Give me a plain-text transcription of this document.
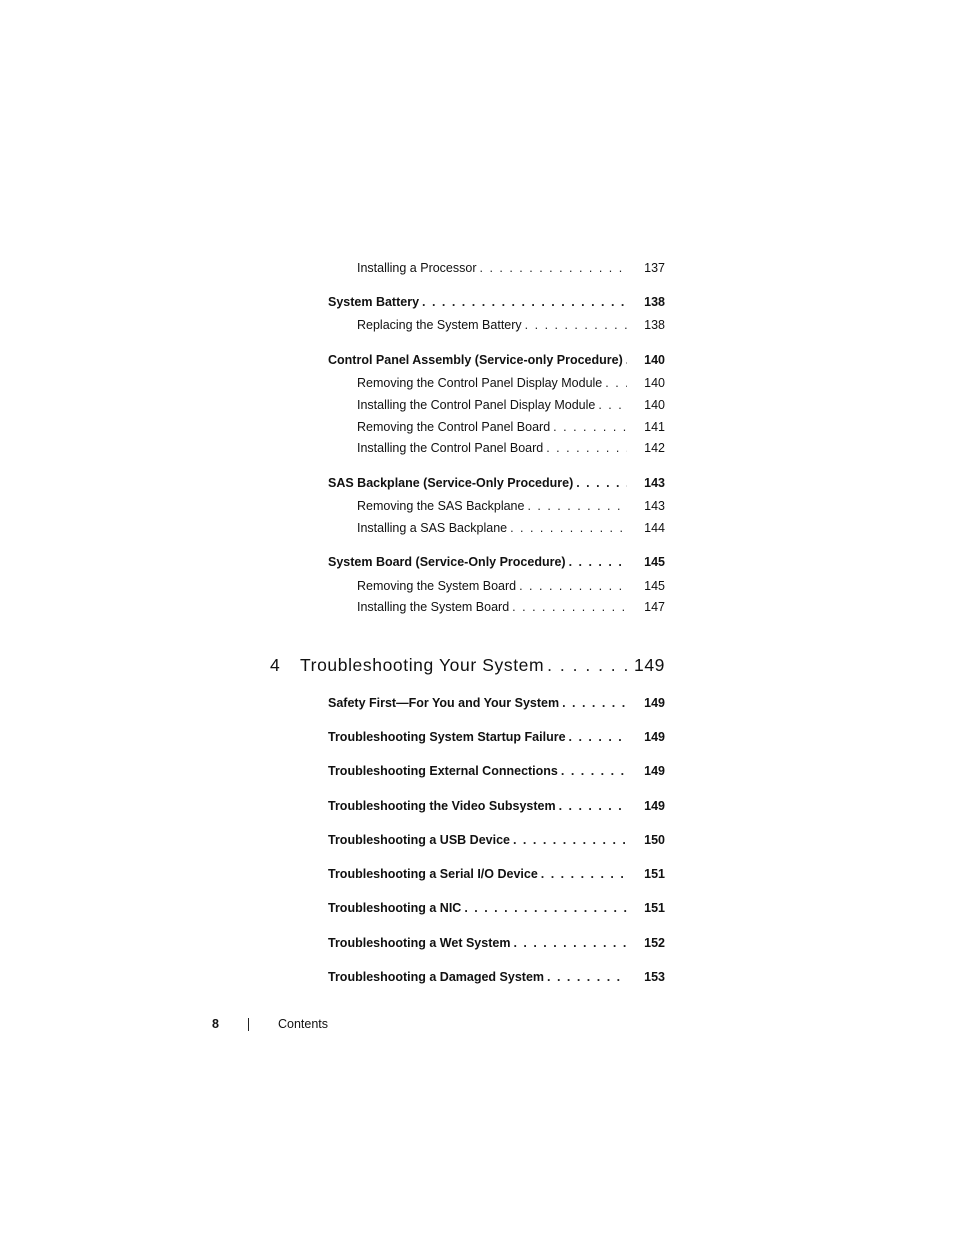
Installing a Processor . . .	137
System Battery . . .	138
Replacing the System Battery . . .	138
Control Panel Assembly (Service-only Procedure) . . .	140
Removing the Control Panel Display Module . . .	140
Installing the Control Panel Display Module . . .	140
Removing the Control Panel Board . . .	141
Installing the Control Panel Board . . .	142
SAS Backplane (Service-Only Procedure) . . .	143
Removing the SAS Backplane . . .	143
Installing a SAS Backplane . . .	144
System Board (Service-Only Procedure) . . .	145
Removing the System Board . . .	145
Installing the System Board . . .	147
4 Troubleshooting Your System . . .	149
Safety First—For You and Your System . . .	149
Troubleshooting System Startup Failure . . .	149
Troubleshooting External Connections . . .	149
Troubleshooting the Video Subsystem . . .	149
Troubleshooting a USB Device . . .	150
Troubleshooting a Serial I/O Device . . .	151
Troubleshooting a NIC . . .	151
Troubleshooting a Wet System . . .	152
Troubleshooting a Damaged System . . .	153
8	Contents
